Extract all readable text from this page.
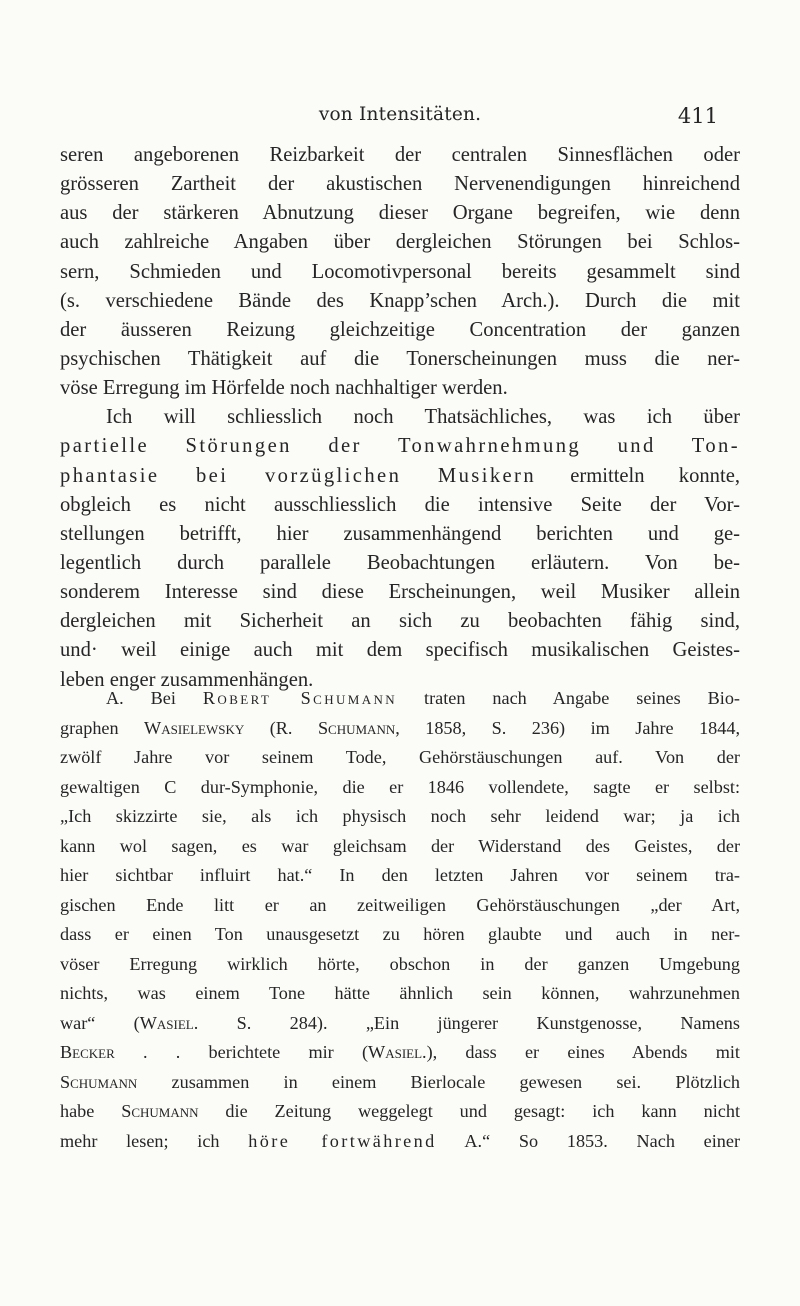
von Intensitäten.	411
seren angeborenen Reizbarkeit der centralen Sinnesflächen oder
grösseren Zartheit der akustischen Nervenendigungen hinreichend
aus der stärkeren Abnutzung dieser Organe begreifen, wie denn
auch zahlreiche Angaben über dergleichen Störungen bei Schlos-
sern, Schmieden und Locomotivpersonal bereits gesammelt sind
(s. verschiedene Bände des Knapp’schen Arch.). Durch die mit
der äusseren Reizung gleichzeitige Concentration der ganzen
psychischen Thätigkeit auf die Tonerscheinungen muss die ner-
vöse Erregung im Hörfelde noch nachhaltiger werden.
Ich will schliesslich noch Thatsächliches, was ich über
partielle Störungen der Tonwahrnehmung und Ton-
phantasie bei vorzüglichen Musikern ermitteln konnte,
obgleich es nicht ausschliesslich die intensive Seite der Vor-
stellungen betrifft, hier zusammenhängend berichten und ge-
legentlich durch parallele Beobachtungen erläutern. Von be-
sonderem Interesse sind diese Erscheinungen, weil Musiker allein
dergleichen mit Sicherheit an sich zu beobachten fähig sind,
und· weil einige auch mit dem specifisch musikalischen Geistes-
leben enger zusammenhängen.
A. Bei Robert Schumann traten nach Angabe seines Bio-
graphen Wasielewsky (R. Schumann, 1858, S. 236) im Jahre 1844,
zwölf Jahre vor seinem Tode, Gehörstäuschungen auf. Von der
gewaltigen C dur-Symphonie, die er 1846 vollendete, sagte er selbst:
„Ich skizzirte sie, als ich physisch noch sehr leidend war; ja ich
kann wol sagen, es war gleichsam der Widerstand des Geistes, der
hier sichtbar influirt hat.“ In den letzten Jahren vor seinem tra-
gischen Ende litt er an zeitweiligen Gehörstäuschungen „der Art,
dass er einen Ton unausgesetzt zu hören glaubte und auch in ner-
vöser Erregung wirklich hörte, obschon in der ganzen Umgebung
nichts, was einem Tone hätte ähnlich sein können, wahrzunehmen
war“ (Wasiel. S. 284). „Ein jüngerer Kunstgenosse, Namens
Becker . . berichtete mir (Wasiel.), dass er eines Abends mit
Schumann zusammen in einem Bierlocale gewesen sei. Plötzlich
habe Schumann die Zeitung weggelegt und gesagt: ich kann nicht
mehr lesen; ich höre fortwährend A.“ So 1853. Nach einer
